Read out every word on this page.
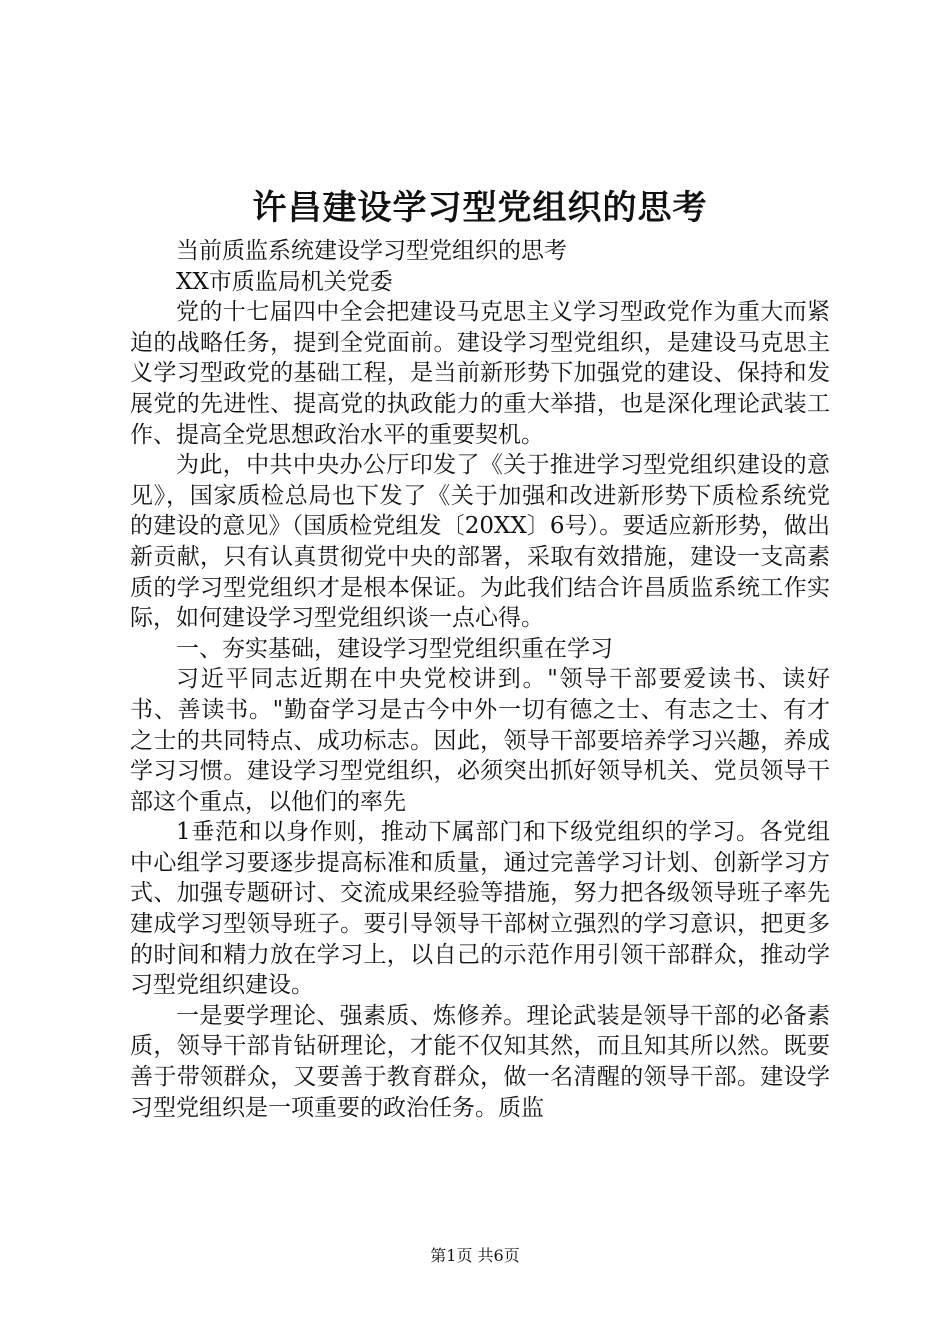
许昌建设学习型党组织的思考

当前质监系统建设学习型党组织的思考

XX市质监局机关党委

党的十七届四中全会把建设马克思主义学习型政党作为重大而紧迫的战略任务，提到全党面前。建设学习型党组织，是建设马克思主义学习型政党的基础工程，是当前新形势下加强党的建设、保持和发展党的先进性、提高党的执政能力的重大举措，也是深化理论武装工作、提高全党思想政治水平的重要契机。

为此，中共中央办公厅印发了《关于推进学习型党组织建设的意见》，国家质检总局也下发了《关于加强和改进新形势下质检系统党的建设的意见》（国质检党组发〔20XX〕6号）。要适应新形势，做出新贡献，只有认真贯彻党中央的部署，采取有效措施，建设一支高素质的学习型党组织才是根本保证。为此我们结合许昌质监系统工作实际，如何建设学习型党组织谈一点心得。

一、夯实基础，建设学习型党组织重在学习

习近平同志近期在中央党校讲到。"领导干部要爱读书、读好书、善读书。"勤奋学习是古今中外一切有德之士、有志之士、有才之士的共同特点、成功标志。因此，领导干部要培养学习兴趣，养成学习习惯。建设学习型党组织，必须突出抓好领导机关、党员领导干部这个重点，以他们的率先

1垂范和以身作则，推动下属部门和下级党组织的学习。各党组中心组学习要逐步提高标准和质量，通过完善学习计划、创新学习方式、加强专题研讨、交流成果经验等措施，努力把各级领导班子率先建成学习型领导班子。要引导领导干部树立强烈的学习意识，把更多的时间和精力放在学习上，以自己的示范作用引领干部群众，推动学习型党组织建设。

一是要学理论、强素质、炼修养。理论武装是领导干部的必备素质，领导干部肯钻研理论，才能不仅知其然，而且知其所以然。既要善于带领群众，又要善于教育群众，做一名清醒的领导干部。建设学习型党组织是一项重要的政治任务。质监

第1页 共6页
